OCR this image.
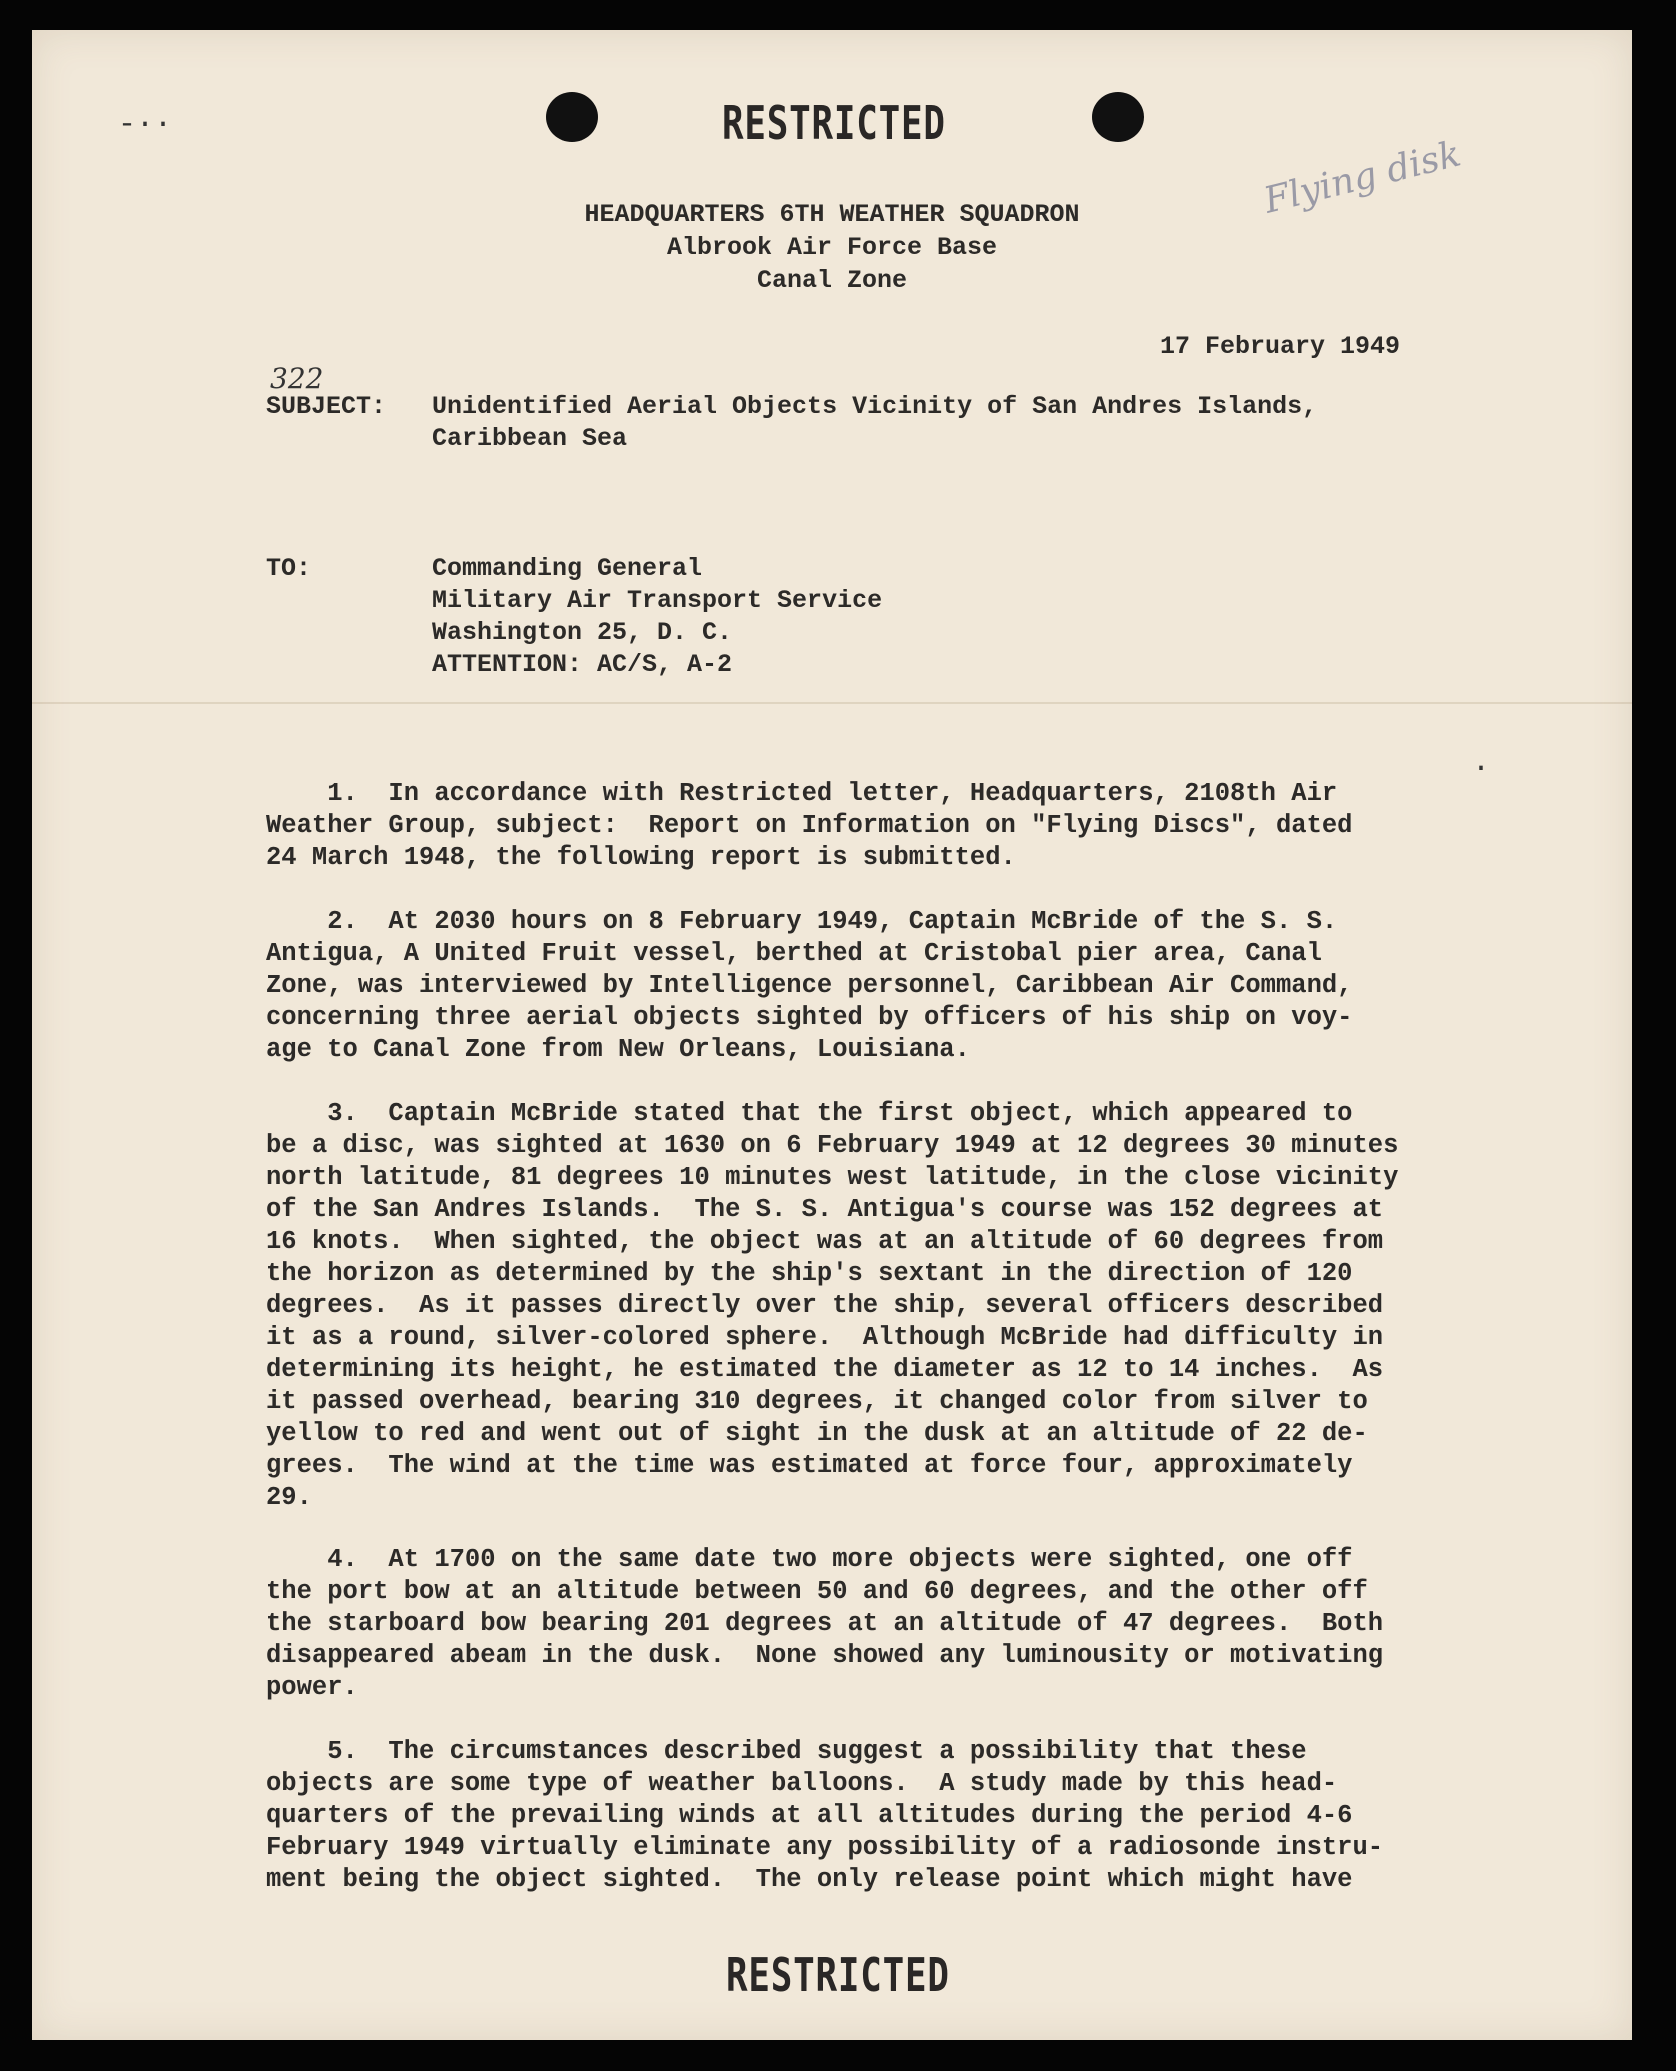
RESTRICTED
-··
·
Flying disk
HEADQUARTERS 6TH WEATHER SQUADRON
Albrook Air Force Base
Canal Zone
17 February 1949
322
SUBJECT: Unidentified Aerial Objects Vicinity of San Andres Islands,
Caribbean Sea
TO:	Commanding General
Military Air Transport Service
Washington 25, D. C.
ATTENTION: AC/S, A-2
1.  In accordance with Restricted letter, Headquarters, 2108th Air
Weather Group, subject:  Report on Information on "Flying Discs", dated
24 March 1948, the following report is submitted.
2.  At 2030 hours on 8 February 1949, Captain McBride of the S. S.
Antigua, A United Fruit vessel, berthed at Cristobal pier area, Canal
Zone, was interviewed by Intelligence personnel, Caribbean Air Command,
concerning three aerial objects sighted by officers of his ship on voy-
age to Canal Zone from New Orleans, Louisiana.
3.  Captain McBride stated that the first object, which appeared to
be a disc, was sighted at 1630 on 6 February 1949 at 12 degrees 30 minutes
north latitude, 81 degrees 10 minutes west latitude, in the close vicinity
of the San Andres Islands.  The S. S. Antigua's course was 152 degrees at
16 knots.  When sighted, the object was at an altitude of 60 degrees from
the horizon as determined by the ship's sextant in the direction of 120
degrees.  As it passes directly over the ship, several officers described
it as a round, silver-colored sphere.  Although McBride had difficulty in
determining its height, he estimated the diameter as 12 to 14 inches.  As
it passed overhead, bearing 310 degrees, it changed color from silver to
yellow to red and went out of sight in the dusk at an altitude of 22 de-
grees.  The wind at the time was estimated at force four, approximately
29.
4.  At 1700 on the same date two more objects were sighted, one off
the port bow at an altitude between 50 and 60 degrees, and the other off
the starboard bow bearing 201 degrees at an altitude of 47 degrees.  Both
disappeared abeam in the dusk.  None showed any luminousity or motivating
power.
5.  The circumstances described suggest a possibility that these
objects are some type of weather balloons.  A study made by this head-
quarters of the prevailing winds at all altitudes during the period 4-6
February 1949 virtually eliminate any possibility of a radiosonde instru-
ment being the object sighted.  The only release point which might have
RESTRICTED
